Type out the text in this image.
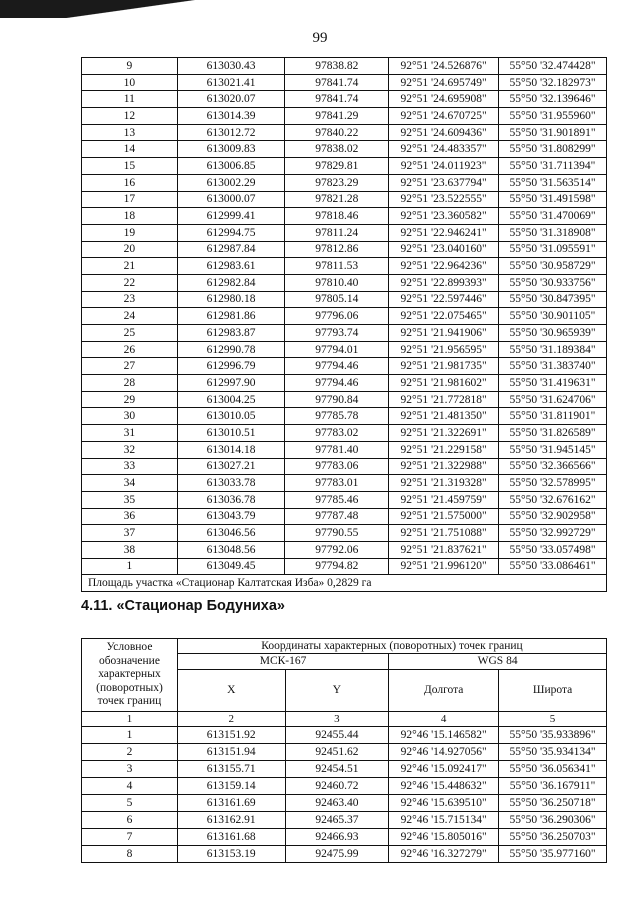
99
9	613030.43	97838.82	92°51 '24.526876"	55°50 '32.474428"
10	613021.41	97841.74	92°51 '24.695749"	55°50 '32.182973"
11	613020.07	97841.74	92°51 '24.695908"	55°50 '32.139646"
12	613014.39	97841.29	92°51 '24.670725"	55°50 '31.955960"
13	613012.72	97840.22	92°51 '24.609436"	55°50 '31.901891"
14	613009.83	97838.02	92°51 '24.483357"	55°50 '31.808299"
15	613006.85	97829.81	92°51 '24.011923"	55°50 '31.711394"
16	613002.29	97823.29	92°51 '23.637794"	55°50 '31.563514"
17	613000.07	97821.28	92°51 '23.522555"	55°50 '31.491598"
18	612999.41	97818.46	92°51 '23.360582"	55°50 '31.470069"
19	612994.75	97811.24	92°51 '22.946241"	55°50 '31.318908"
20	612987.84	97812.86	92°51 '23.040160"	55°50 '31.095591"
21	612983.61	97811.53	92°51 '22.964236"	55°50 '30.958729"
22	612982.84	97810.40	92°51 '22.899393"	55°50 '30.933756"
23	612980.18	97805.14	92°51 '22.597446"	55°50 '30.847395"
24	612981.86	97796.06	92°51 '22.075465"	55°50 '30.901105"
25	612983.87	97793.74	92°51 '21.941906"	55°50 '30.965939"
26	612990.78	97794.01	92°51 '21.956595"	55°50 '31.189384"
27	612996.79	97794.46	92°51 '21.981735"	55°50 '31.383740"
28	612997.90	97794.46	92°51 '21.981602"	55°50 '31.419631"
29	613004.25	97790.84	92°51 '21.772818"	55°50 '31.624706"
30	613010.05	97785.78	92°51 '21.481350"	55°50 '31.811901"
31	613010.51	97783.02	92°51 '21.322691"	55°50 '31.826589"
32	613014.18	97781.40	92°51 '21.229158"	55°50 '31.945145"
33	613027.21	97783.06	92°51 '21.322988"	55°50 '32.366566"
34	613033.78	97783.01	92°51 '21.319328"	55°50 '32.578995"
35	613036.78	97785.46	92°51 '21.459759"	55°50 '32.676162"
36	613043.79	97787.48	92°51 '21.575000"	55°50 '32.902958"
37	613046.56	97790.55	92°51 '21.751088"	55°50 '32.992729"
38	613048.56	97792.06	92°51 '21.837621"	55°50 '33.057498"
1	613049.45	97794.82	92°51 '21.996120"	55°50 '33.086461"
Площадь участка «Стационар Калтатская Изба» 0,2829 га				
4.11. «Стационар Бодуниха»
Условное обозначение характерных (поворотных) точек границ	Координаты характерных (поворотных) точек границ			
	МСК-167		WGS 84	
	X	Y	Долгота	Широта
1	2	3	4	5
1	613151.92	92455.44	92°46 '15.146582"	55°50 '35.933896"
2	613151.94	92451.62	92°46 '14.927056"	55°50 '35.934134"
3	613155.71	92454.51	92°46 '15.092417"	55°50 '36.056341"
4	613159.14	92460.72	92°46 '15.448632"	55°50 '36.167911"
5	613161.69	92463.40	92°46 '15.639510"	55°50 '36.250718"
6	613162.91	92465.37	92°46 '15.715134"	55°50 '36.290306"
7	613161.68	92466.93	92°46 '15.805016"	55°50 '36.250703"
8	613153.19	92475.99	92°46 '16.327279"	55°50 '35.977160"
